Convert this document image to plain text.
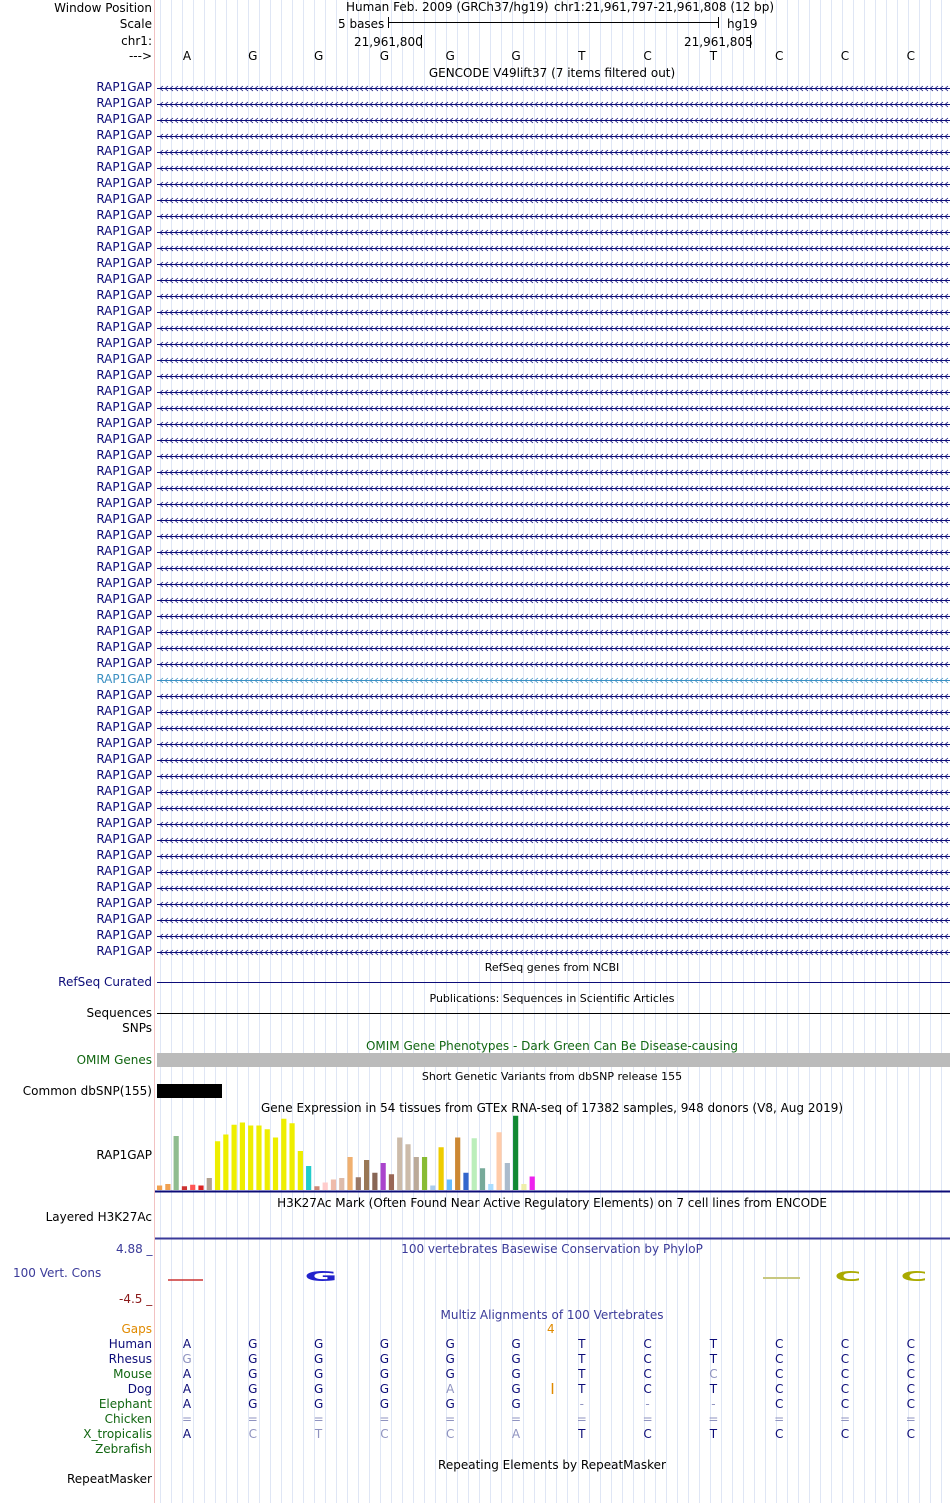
G	C	C
Window Position
Scale
chr1:
--->
Human Feb. 2009 (GRCh37/hg19) chr1:21,961,797-21,961,808 (12 bp)
5 bases	hg19
21,961,800	21,961,805
A	G	G	G	G	G	T	C	T	C	C	C
GENCODE V49lift37 (7 items filtered out)
RAP1GAP
RAP1GAP
RAP1GAP
RAP1GAP
RAP1GAP
RAP1GAP
RAP1GAP
RAP1GAP
RAP1GAP
RAP1GAP
RAP1GAP
RAP1GAP
RAP1GAP
RAP1GAP
RAP1GAP
RAP1GAP
RAP1GAP
RAP1GAP
RAP1GAP
RAP1GAP
RAP1GAP
RAP1GAP
RAP1GAP
RAP1GAP
RAP1GAP
RAP1GAP
RAP1GAP
RAP1GAP
RAP1GAP
RAP1GAP
RAP1GAP
RAP1GAP
RAP1GAP
RAP1GAP
RAP1GAP
RAP1GAP
RAP1GAP
RAP1GAP
RAP1GAP
RAP1GAP
RAP1GAP
RAP1GAP
RAP1GAP
RAP1GAP
RAP1GAP
RAP1GAP
RAP1GAP
RAP1GAP
RAP1GAP
RAP1GAP
RAP1GAP
RAP1GAP
RAP1GAP
RAP1GAP
RAP1GAP
RefSeq genes from NCBI
RefSeq Curated
Publications: Sequences in Scientific Articles
Sequences
SNPs
OMIM Gene Phenotypes - Dark Green Can Be Disease-causing
OMIM Genes
Short Genetic Variants from dbSNP release 155
Common dbSNP(155)
Gene Expression in 54 tissues from GTEx RNA-seq of 17382 samples, 948 donors (V8, Aug 2019)
RAP1GAP
H3K27Ac Mark (Often Found Near Active Regulatory Elements) on 7 cell lines from ENCODE
Layered H3K27Ac
100 vertebrates Basewise Conservation by PhyloP
4.88 _
100 Vert. Cons
-4.5 _
Multiz Alignments of 100 Vertebrates
Gaps	4
Human	A	G	G	G	G	G	T	C	T	C	C	C
Rhesus	G	G	G	G	G	G	T	C	T	C	C	C
Mouse	A	G	G	G	G	G	T	C	C	C	C	C
Dog	A	G	G	G	A	G	T	C	T	C	C	C
Elephant	A	G	G	G	G	G	-	-	-	C	C	C
Chicken =	=	=	=	=	=	=	=	=	=	=	=
X_tropicalis	A	C	T	C	C	A	T	C	T	C	C	C
Zebrafish
Repeating Elements by RepeatMasker
RepeatMasker
